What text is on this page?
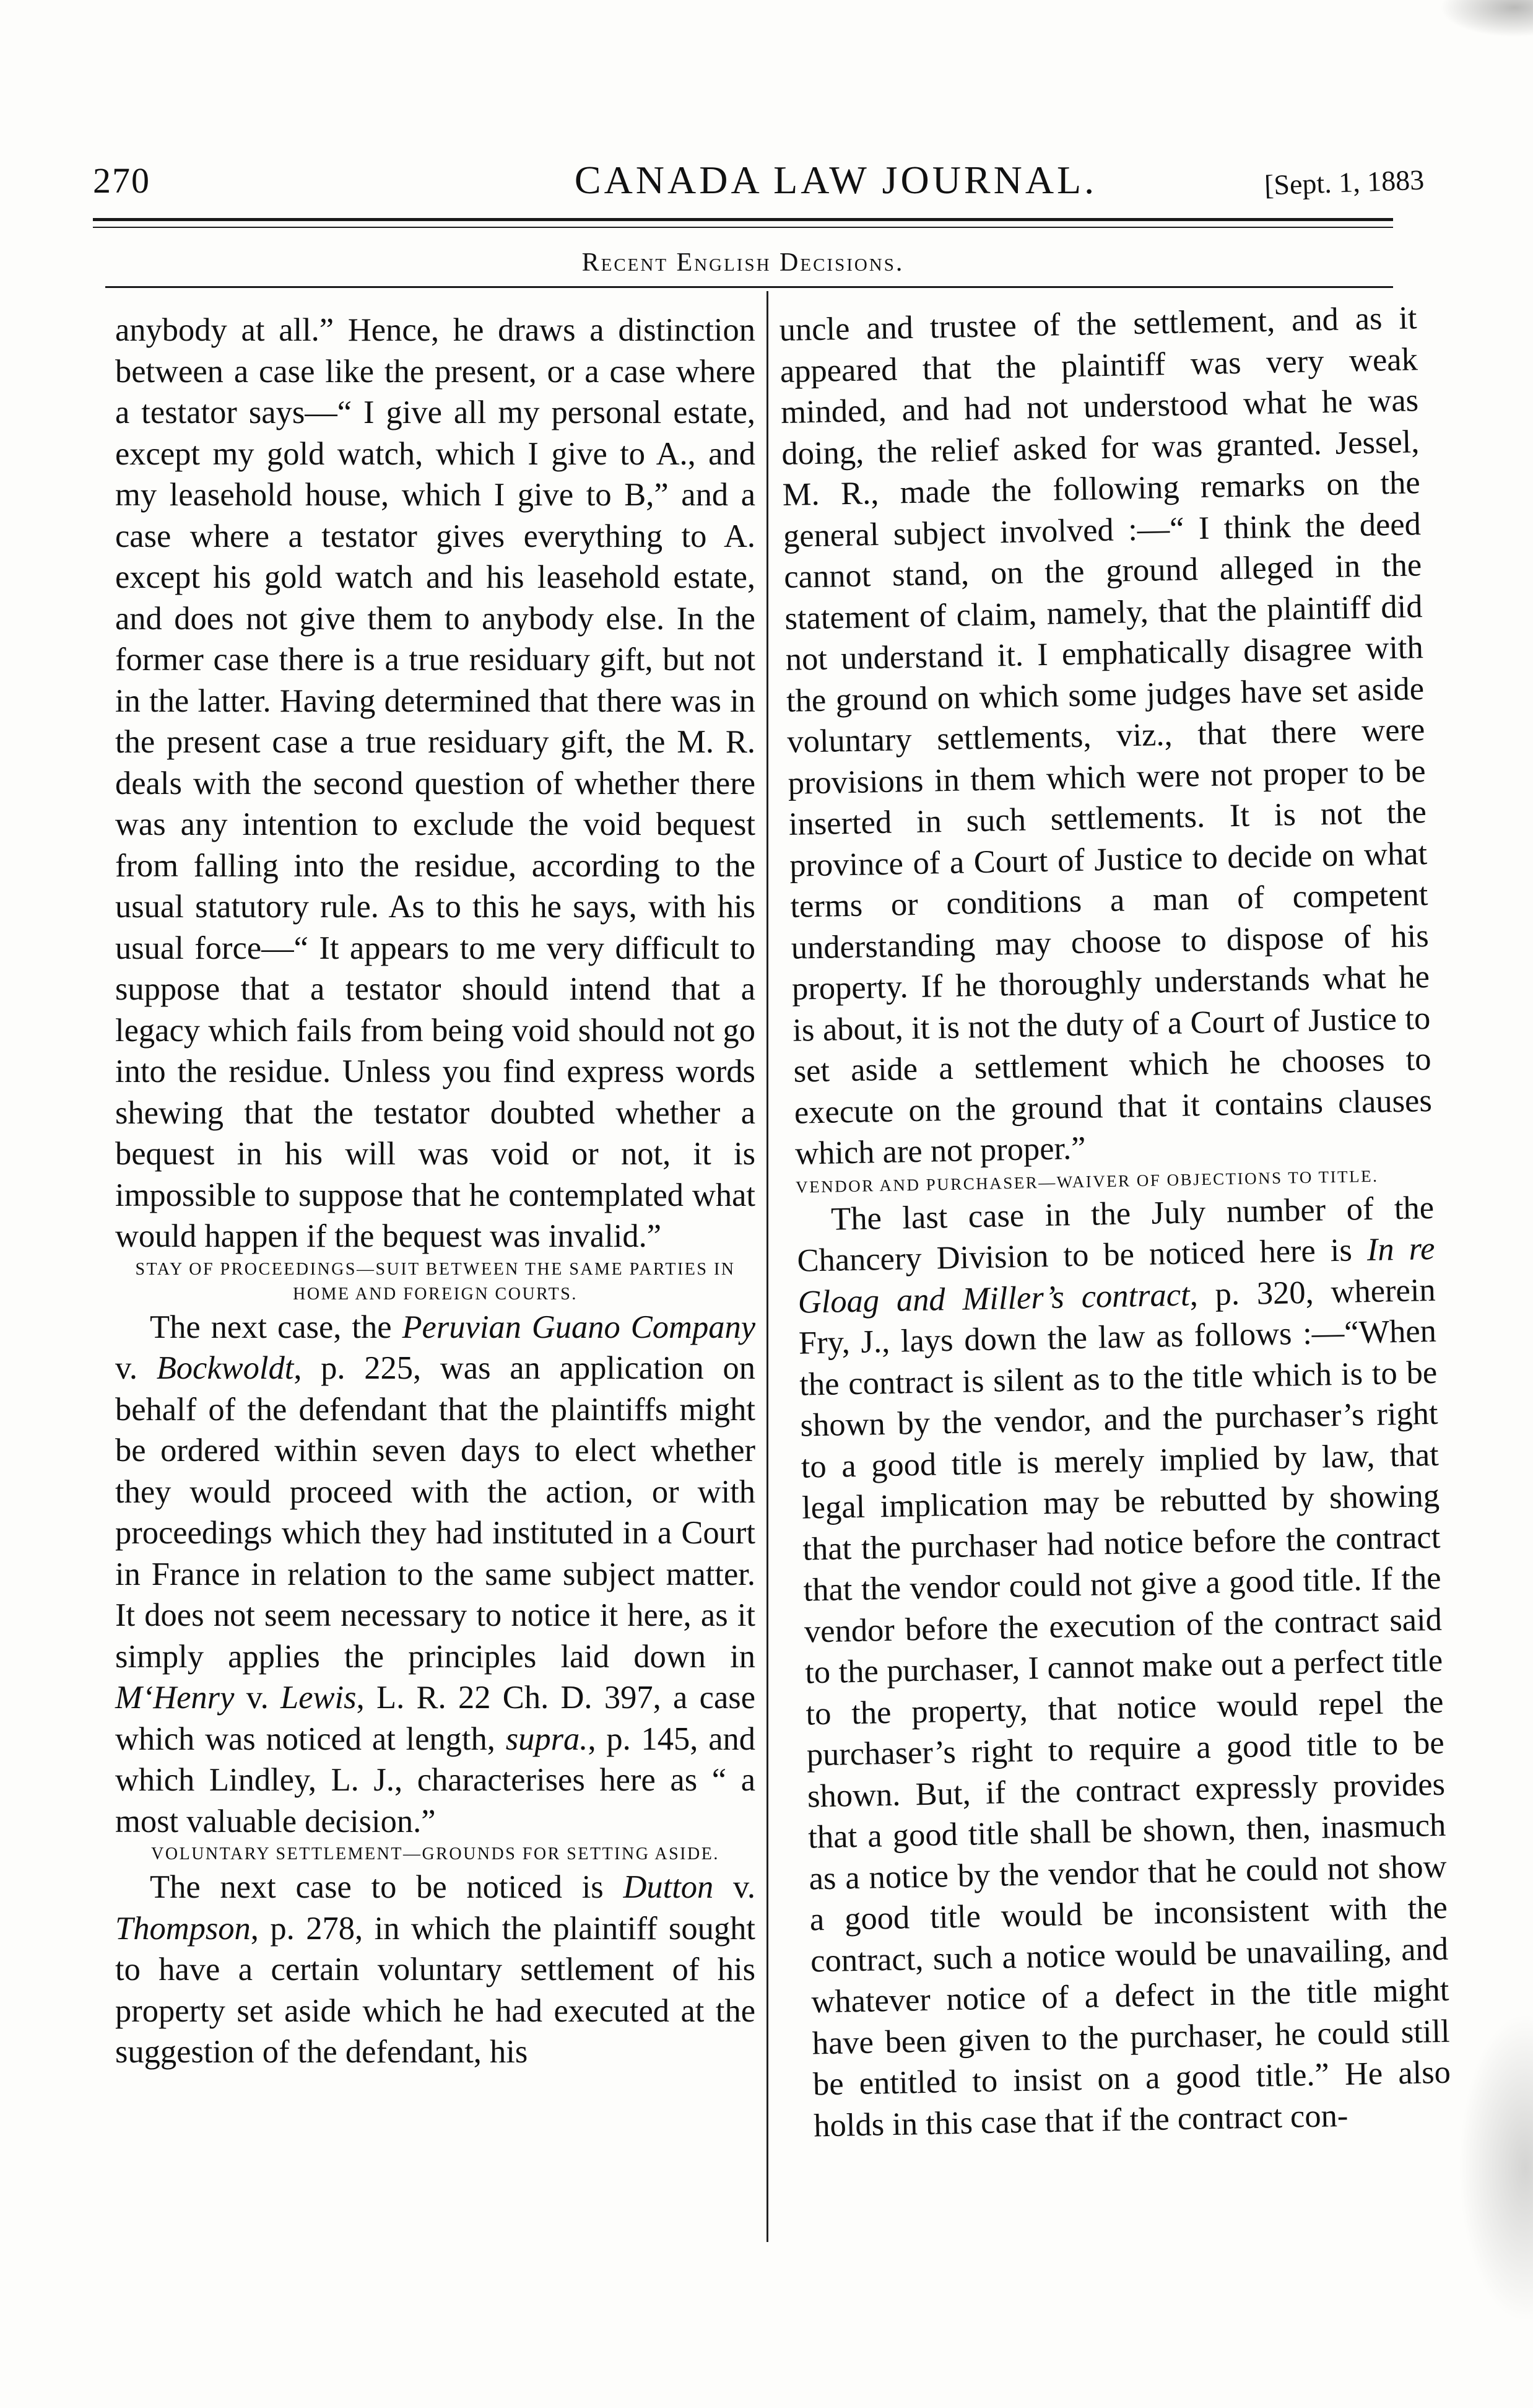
270	CANADA LAW JOURNAL.	[Sept. 1, 1883
Recent English Decisions.

anybody at all.” Hence, he draws a distinction between a case like the present, or a case where a testator says—“ I give all my personal estate, except my gold watch, which I give to A., and my leasehold house, which I give to B,” and a case where a testator gives everything to A. except his gold watch and his leasehold estate, and does not give them to anybody else. In the former case there is a true residuary gift, but not in the latter. Having determined that there was in the present case a true residuary gift, the M. R. deals with the second question of whether there was any intention to exclude the void bequest from falling into the residue, according to the usual statutory rule. As to this he says, with his usual force—“ It appears to me very difficult to suppose that a testator should intend that a legacy which fails from being void should not go into the residue. Unless you find express words shewing that the testator doubted whether a bequest in his will was void or not, it is impossible to suppose that he contemplated what would happen if the bequest was invalid.”

STAY OF PROCEEDINGS—SUIT BETWEEN THE SAME PARTIES IN HOME AND FOREIGN COURTS.

The next case, the Peruvian Guano Company v. Bockwoldt, p. 225, was an application on behalf of the defendant that the plaintiffs might be ordered within seven days to elect whether they would proceed with the action, or with proceedings which they had instituted in a Court in France in relation to the same subject matter. It does not seem necessary to notice it here, as it simply applies the principles laid down in M‘Henry v. Lewis, L. R. 22 Ch. D. 397, a case which was noticed at length, supra., p. 145, and which Lindley, L. J., characterises here as “ a most valuable decision.”

VOLUNTARY SETTLEMENT—GROUNDS FOR SETTING ASIDE.

The next case to be noticed is Dutton v. Thompson, p. 278, in which the plaintiff sought to have a certain voluntary settlement of his property set aside which he had executed at the suggestion of the defendant, his

uncle and trustee of the settlement, and as it appeared that the plaintiff was very weak minded, and had not understood what he was doing, the relief asked for was granted. Jessel, M. R., made the following remarks on the general subject involved :—“ I think the deed cannot stand, on the ground alleged in the statement of claim, namely, that the plaintiff did not understand it. I emphatically disagree with the ground on which some judges have set aside voluntary settlements, viz., that there were provisions in them which were not proper to be inserted in such settlements. It is not the province of a Court of Justice to decide on what terms or conditions a man of competent understanding may choose to dispose of his property. If he thoroughly understands what he is about, it is not the duty of a Court of Justice to set aside a settlement which he chooses to execute on the ground that it contains clauses which are not proper.”

VENDOR AND PURCHASER—WAIVER OF OBJECTIONS TO TITLE.

The last case in the July number of the Chancery Division to be noticed here is In re Gloag and Miller’s contract, p. 320, wherein Fry, J., lays down the law as follows :—“When the contract is silent as to the title which is to be shown by the vendor, and the purchaser’s right to a good title is merely implied by law, that legal implication may be rebutted by showing that the purchaser had notice before the contract that the vendor could not give a good title. If the vendor before the execution of the contract said to the purchaser, I cannot make out a perfect title to the property, that notice would repel the purchaser’s right to require a good title to be shown. But, if the contract expressly provides that a good title shall be shown, then, inasmuch as a notice by the vendor that he could not show a good title would be inconsistent with the contract, such a notice would be unavailing, and whatever notice of a defect in the title might have been given to the purchaser, he could still be entitled to insist on a good title.” He also holds in this case that if the contract con-
